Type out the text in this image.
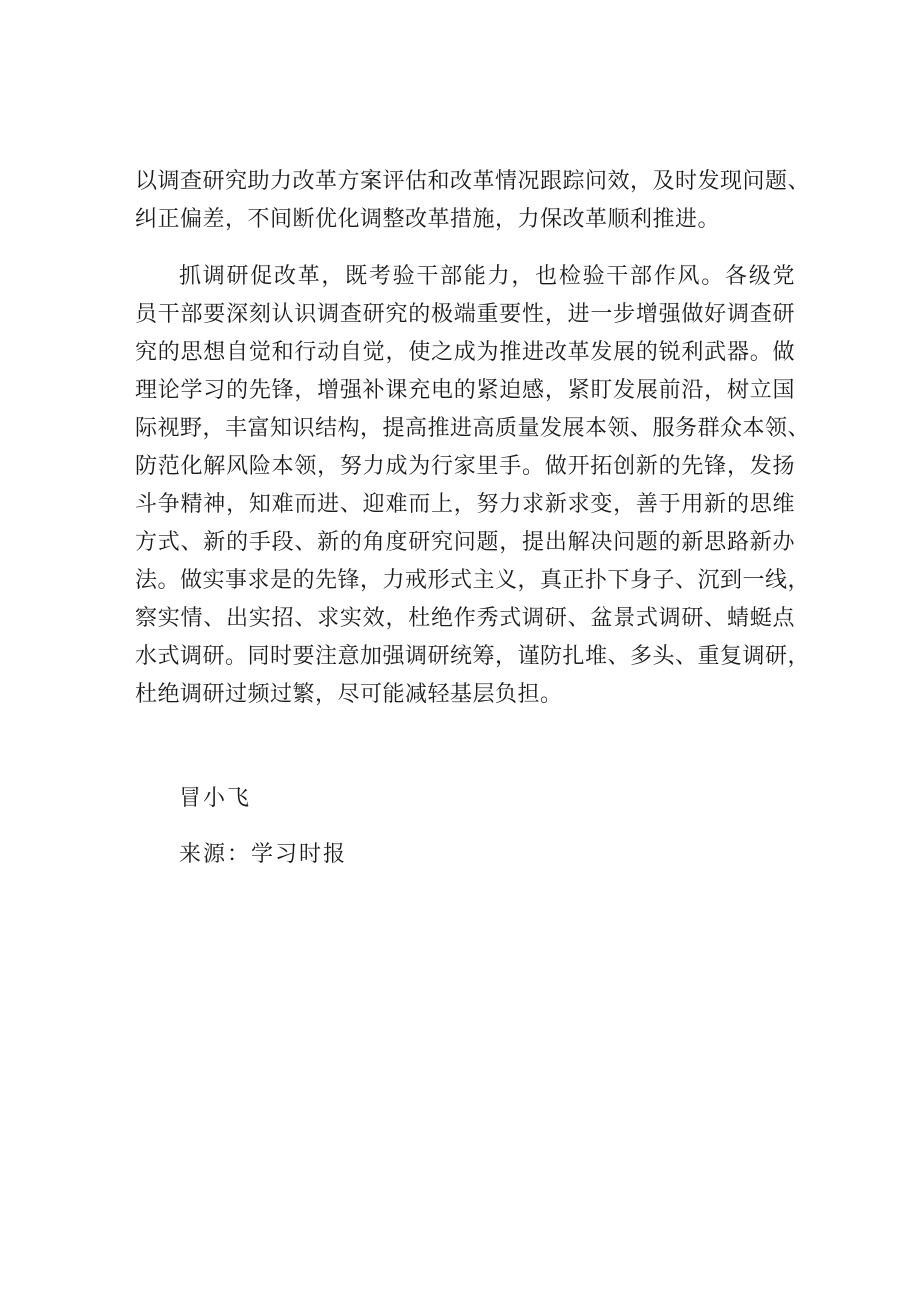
以调查研究助力改革方案评估和改革情况跟踪问效，及时发现问题、
纠正偏差，不间断优化调整改革措施，力保改革顺利推进。
抓调研促改革，既考验干部能力，也检验干部作风。各级党
员干部要深刻认识调查研究的极端重要性，进一步增强做好调查研
究的思想自觉和行动自觉，使之成为推进改革发展的锐利武器。做
理论学习的先锋，增强补课充电的紧迫感，紧盯发展前沿，树立国
际视野，丰富知识结构，提高推进高质量发展本领、服务群众本领、
防范化解风险本领，努力成为行家里手。做开拓创新的先锋，发扬
斗争精神，知难而进、迎难而上，努力求新求变，善于用新的思维
方式、新的手段、新的角度研究问题，提出解决问题的新思路新办
法。做实事求是的先锋，力戒形式主义，真正扑下身子、沉到一线，
察实情、出实招、求实效，杜绝作秀式调研、盆景式调研、蜻蜓点
水式调研。同时要注意加强调研统筹，谨防扎堆、多头、重复调研，
杜绝调研过频过繁，尽可能减轻基层负担。
冒小飞
来源：学习时报
